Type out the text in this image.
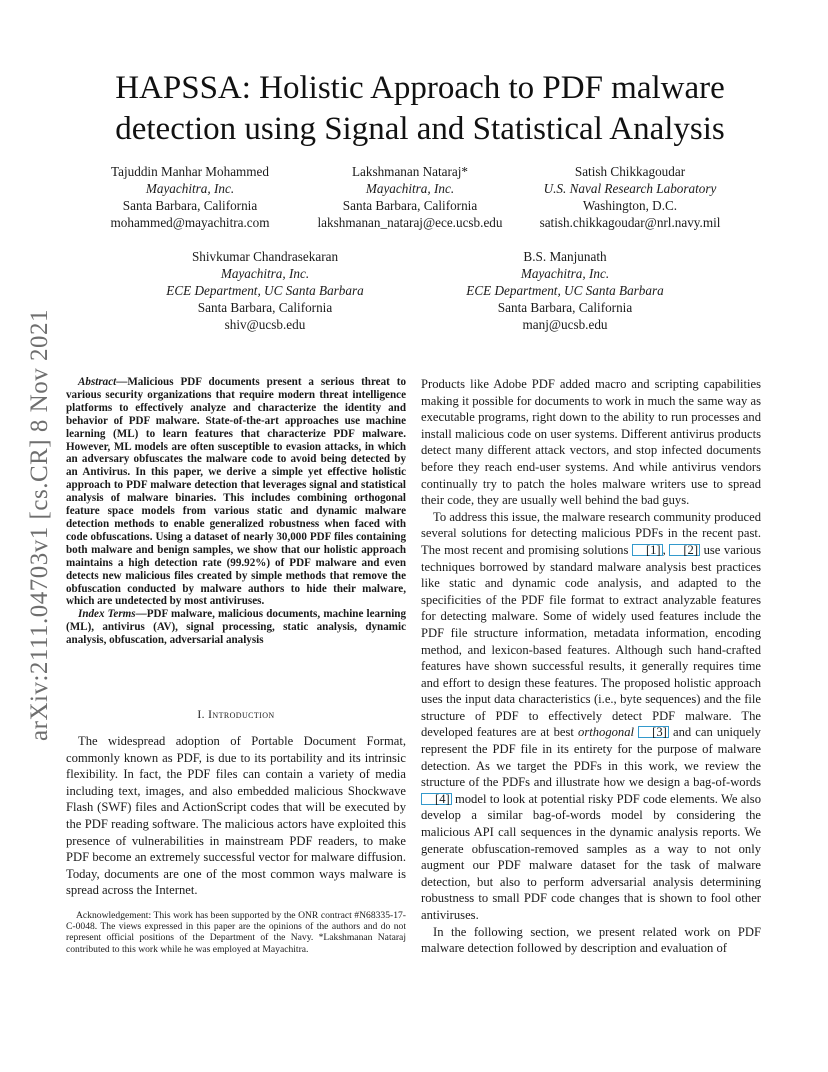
arXiv:2111.04703v1 [cs.CR] 8 Nov 2021
HAPSSA: Holistic Approach to PDF malware detection using Signal and Statistical Analysis
Tajuddin Manhar Mohammed
Mayachitra, Inc.
Santa Barbara, California
mohammed@mayachitra.com
Lakshmanan Nataraj*
Mayachitra, Inc.
Santa Barbara, California
lakshmanan_nataraj@ece.ucsb.edu
Satish Chikkagoudar
U.S. Naval Research Laboratory
Washington, D.C.
satish.chikkagoudar@nrl.navy.mil
Shivkumar Chandrasekaran
Mayachitra, Inc.
ECE Department, UC Santa Barbara
Santa Barbara, California
shiv@ucsb.edu
B.S. Manjunath
Mayachitra, Inc.
ECE Department, UC Santa Barbara
Santa Barbara, California
manj@ucsb.edu

Abstract—Malicious PDF documents present a serious threat to various security organizations that require modern threat intelligence platforms to effectively analyze and characterize the identity and behavior of PDF malware. State-of-the-art approaches use machine learning (ML) to learn features that characterize PDF malware. However, ML models are often susceptible to evasion attacks, in which an adversary obfuscates the malware code to avoid being detected by an Antivirus. In this paper, we derive a simple yet effective holistic approach to PDF malware detection that leverages signal and statistical analysis of malware binaries. This includes combining orthogonal feature space models from various static and dynamic malware detection methods to enable generalized robustness when faced with code obfuscations. Using a dataset of nearly 30,000 PDF files containing both malware and benign samples, we show that our holistic approach maintains a high detection rate (99.92%) of PDF malware and even detects new malicious files created by simple methods that remove the obfuscation conducted by malware authors to hide their malware, which are undetected by most antiviruses.

Index Terms—PDF malware, malicious documents, machine learning (ML), antivirus (AV), signal processing, static analysis, dynamic analysis, obfuscation, adversarial analysis

I. Introduction

The widespread adoption of Portable Document Format, commonly known as PDF, is due to its portability and its intrinsic flexibility. In fact, the PDF files can contain a variety of media including text, images, and also embedded malicious Shockwave Flash (SWF) files and ActionScript codes that will be executed by the PDF reading software. The malicious actors have exploited this presence of vulnerabilities in mainstream PDF readers, to make PDF become an extremely successful vector for malware diffusion. Today, documents are one of the most common ways malware is spread across the Internet.

Acknowledgement: This work has been supported by the ONR contract #N68335-17-C-0048. The views expressed in this paper are the opinions of the authors and do not represent official positions of the Department of the Navy. *Lakshmanan Nataraj contributed to this work while he was employed at Mayachitra.

Products like Adobe PDF added macro and scripting capabilities making it possible for documents to work in much the same way as executable programs, right down to the ability to run processes and install malicious code on user systems. Different antivirus products detect many different attack vectors, and stop infected documents before they reach end-user systems. And while antivirus vendors continually try to patch the holes malware writers use to spread their code, they are usually well behind the bad guys.

To address this issue, the malware research community produced several solutions for detecting malicious PDFs in the recent past. The most recent and promising solutions [1] , [2] use various techniques borrowed by standard malware analysis best practices like static and dynamic code analysis, and adapted to the specificities of the PDF file format to extract analyzable features for detecting malware. Some of widely used features include the PDF file structure information, metadata information, encoding method, and lexicon-based features. Although such hand-crafted features have shown successful results, it generally requires time and effort to design these features. The proposed holistic approach uses the input data characteristics (i.e., byte sequences) and the file structure of PDF to effectively detect PDF malware. The developed features are at best orthogonal [3] and can uniquely represent the PDF file in its entirety for the purpose of malware detection. As we target the PDFs in this work, we review the structure of the PDFs and illustrate how we design a bag-of-words [4] model to look at potential risky PDF code elements. We also develop a similar bag-of-words model by considering the malicious API call sequences in the dynamic analysis reports. We generate obfuscation-removed samples as a way to not only augment our PDF malware dataset for the task of malware detection, but also to perform adversarial analysis determining robustness to small PDF code changes that is shown to fool other antiviruses.

In the following section, we present related work on PDF malware detection followed by description and evaluation of
